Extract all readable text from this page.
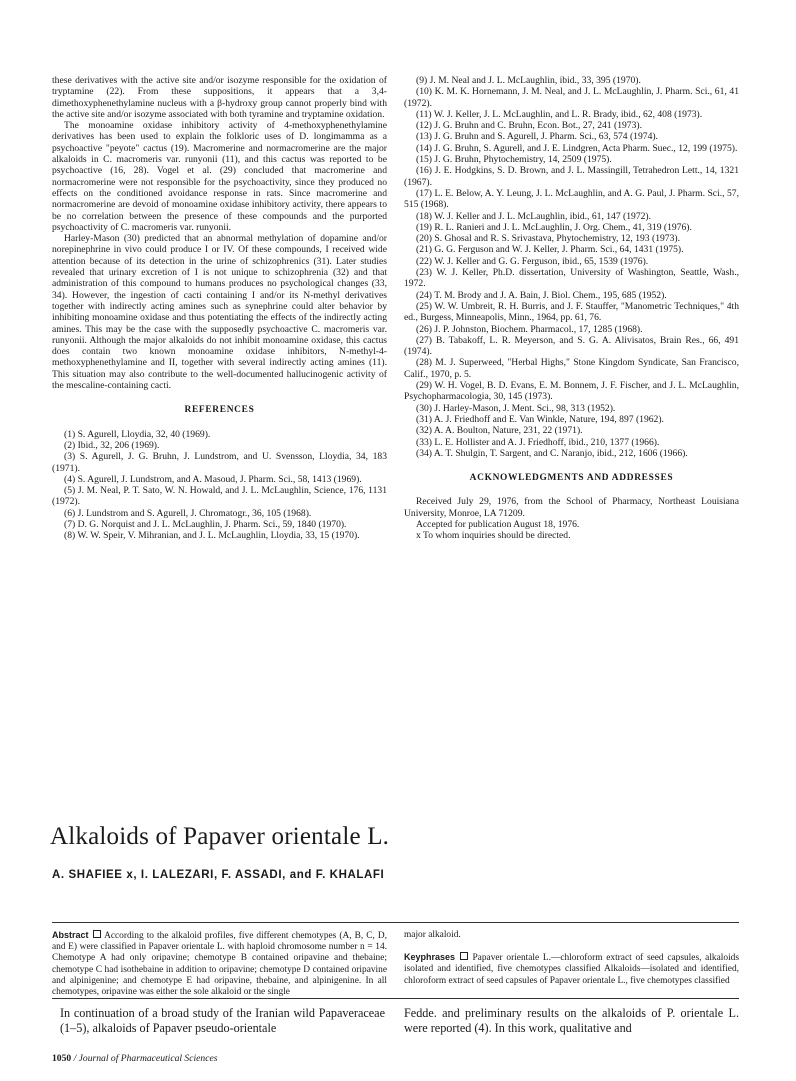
these derivatives with the active site and/or isozyme responsible for the oxidation of tryptamine (22). From these suppositions, it appears that a 3,4-dimethoxyphenethylamine nucleus with a β-hydroxy group cannot properly bind with the active site and/or isozyme associated with both tyramine and tryptamine oxidation.

The monoamine oxidase inhibitory activity of 4-methoxyphenethylamine derivatives has been used to explain the folkloric uses of D. longimamma as a psychoactive "peyote" cactus (19). Macromerine and normacromerine are the major alkaloids in C. macromeris var. runyonii (11), and this cactus was reported to be psychoactive (16, 28). Vogel et al. (29) concluded that macromerine and normacromerine were not responsible for the psychoactivity, since they produced no effects on the conditioned avoidance response in rats. Since macromerine and normacromerine are devoid of monoamine oxidase inhibitory activity, there appears to be no correlation between the presence of these compounds and the purported psychoactivity of C. macromeris var. runyonii.

Harley-Mason (30) predicted that an abnormal methylation of dopamine and/or norepinephrine in vivo could produce I or IV. Of these compounds, I received wide attention because of its detection in the urine of schizophrenics (31). Later studies revealed that urinary excretion of I is not unique to schizophrenia (32) and that administration of this compound to humans produces no psychological changes (33, 34). However, the ingestion of cacti containing I and/or its N-methyl derivatives together with indirectly acting amines such as synephrine could alter behavior by inhibiting monoamine oxidase and thus potentiating the effects of the indirectly acting amines. This may be the case with the supposedly psychoactive C. macromeris var. runyonii. Although the major alkaloids do not inhibit monoamine oxidase, this cactus does contain two known monoamine oxidase inhibitors, N-methyl-4-methoxyphenethylamine and II, together with several indirectly acting amines (11). This situation may also contribute to the well-documented hallucinogenic activity of the mescaline-containing cacti.

REFERENCES

(1) S. Agurell, Lloydia, 32, 40 (1969).

(2) Ibid., 32, 206 (1969).

(3) S. Agurell, J. G. Bruhn, J. Lundstrom, and U. Svensson, Lloydia, 34, 183 (1971).

(4) S. Agurell, J. Lundstrom, and A. Masoud, J. Pharm. Sci., 58, 1413 (1969).

(5) J. M. Neal, P. T. Sato, W. N. Howald, and J. L. McLaughlin, Science, 176, 1131 (1972).

(6) J. Lundstrom and S. Agurell, J. Chromatogr., 36, 105 (1968).

(7) D. G. Norquist and J. L. McLaughlin, J. Pharm. Sci., 59, 1840 (1970).

(8) W. W. Speir, V. Mihranian, and J. L. McLaughlin, Lloydia, 33, 15 (1970).

(9) J. M. Neal and J. L. McLaughlin, ibid., 33, 395 (1970).

(10) K. M. K. Hornemann, J. M. Neal, and J. L. McLaughlin, J. Pharm. Sci., 61, 41 (1972).

(11) W. J. Keller, J. L. McLaughlin, and L. R. Brady, ibid., 62, 408 (1973).

(12) J. G. Bruhn and C. Bruhn, Econ. Bot., 27, 241 (1973).

(13) J. G. Bruhn and S. Agurell, J. Pharm. Sci., 63, 574 (1974).

(14) J. G. Bruhn, S. Agurell, and J. E. Lindgren, Acta Pharm. Suec., 12, 199 (1975).

(15) J. G. Bruhn, Phytochemistry, 14, 2509 (1975).

(16) J. E. Hodgkins, S. D. Brown, and J. L. Massingill, Tetrahedron Lett., 14, 1321 (1967).

(17) L. E. Below, A. Y. Leung, J. L. McLaughlin, and A. G. Paul, J. Pharm. Sci., 57, 515 (1968).

(18) W. J. Keller and J. L. McLaughlin, ibid., 61, 147 (1972).

(19) R. L. Ranieri and J. L. McLaughlin, J. Org. Chem., 41, 319 (1976).

(20) S. Ghosal and R. S. Srivastava, Phytochemistry, 12, 193 (1973).

(21) G. G. Ferguson and W. J. Keller, J. Pharm. Sci., 64, 1431 (1975).

(22) W. J. Keller and G. G. Ferguson, ibid., 65, 1539 (1976).

(23) W. J. Keller, Ph.D. dissertation, University of Washington, Seattle, Wash., 1972.

(24) T. M. Brody and J. A. Bain, J. Biol. Chem., 195, 685 (1952).

(25) W. W. Umbreit, R. H. Burris, and J. F. Stauffer, "Manometric Techniques," 4th ed., Burgess, Minneapolis, Minn., 1964, pp. 61, 76.

(26) J. P. Johnston, Biochem. Pharmacol., 17, 1285 (1968).

(27) B. Tabakoff, L. R. Meyerson, and S. G. A. Alivisatos, Brain Res., 66, 491 (1974).

(28) M. J. Superweed, "Herbal Highs," Stone Kingdom Syndicate, San Francisco, Calif., 1970, p. 5.

(29) W. H. Vogel, B. D. Evans, E. M. Bonnem, J. F. Fischer, and J. L. McLaughlin, Psychopharmacologia, 30, 145 (1973).

(30) J. Harley-Mason, J. Ment. Sci., 98, 313 (1952).

(31) A. J. Friedhoff and E. Van Winkle, Nature, 194, 897 (1962).

(32) A. A. Boulton, Nature, 231, 22 (1971).

(33) L. E. Hollister and A. J. Friedhoff, ibid., 210, 1377 (1966).

(34) A. T. Shulgin, T. Sargent, and C. Naranjo, ibid., 212, 1606 (1966).

ACKNOWLEDGMENTS AND ADDRESSES

Received July 29, 1976, from the School of Pharmacy, Northeast Louisiana University, Monroe, LA 71209.

Accepted for publication August 18, 1976.

x To whom inquiries should be directed.

Alkaloids of Papaver orientale L.
A. SHAFIEE x, I. LALEZARI, F. ASSADI, and F. KHALAFI
Abstract According to the alkaloid profiles, five different chemotypes (A, B, C, D, and E) were classified in Papaver orientale L. with haploid chromosome number n = 14. Chemotype A had only oripavine; chemotype B contained oripavine and thebaine; chemotype C had isothebaine in addition to oripavine; chemotype D contained oripavine and alpinigenine; and chemotype E had oripavine, thebaine, and alpinigenine. In all chemotypes, oripavine was either the sole alkaloid or the single
major alkaloid.
Keyphrases Papaver orientale L.—chloroform extract of seed capsules, alkaloids isolated and identified, five chemotypes classified Alkaloids—isolated and identified, chloroform extract of seed capsules of Papaver orientale L., five chemotypes classified

In continuation of a broad study of the Iranian wild Papaveraceae (1–5), alkaloids of Papaver pseudo-orientale

Fedde. and preliminary results on the alkaloids of P. orientale L. were reported (4). In this work, qualitative and

1050 / Journal of Pharmaceutical Sciences
